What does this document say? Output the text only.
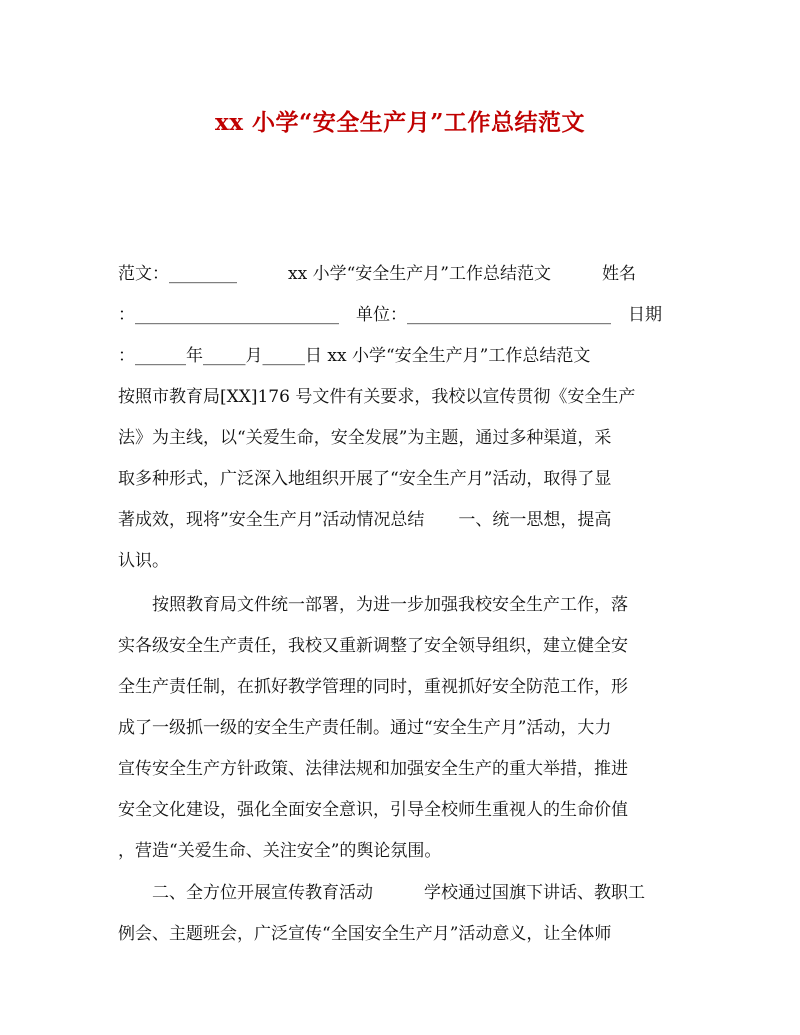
xx 小学“安全生产月”工作总结范文
范文：________　　　xx 小学“安全生产月”工作总结范文　　　姓名
：________________________　单位：________________________　日期
：______年_____月_____日 xx 小学“安全生产月”工作总结范文
按照市教育局[XX]176 号文件有关要求，我校以宣传贯彻《安全生产
法》为主线，以“关爱生命，安全发展”为主题，通过多种渠道，采
取多种形式，广泛深入地组织开展了“安全生产月”活动，取得了显
著成效，现将”安全生产月”活动情况总结　　一、统一思想，提高
认识。
　　按照教育局文件统一部署，为进一步加强我校安全生产工作，落
实各级安全生产责任，我校又重新调整了安全领导组织，建立健全安
全生产责任制，在抓好教学管理的同时，重视抓好安全防范工作，形
成了一级抓一级的安全生产责任制。通过“安全生产月”活动，大力
宣传安全生产方针政策、法律法规和加强安全生产的重大举措，推进
安全文化建设，强化全面安全意识，引导全校师生重视人的生命价值
，营造“关爱生命、关注安全”的舆论氛围。
　　二、全方位开展宣传教育活动　　　学校通过国旗下讲话、教职工
例会、主题班会，广泛宣传“全国安全生产月”活动意义，让全体师
